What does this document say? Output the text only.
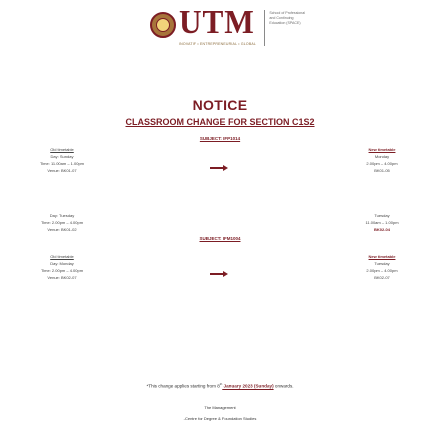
UTM
INOVATIF • ENTREPRENEURIAL • GLOBAL
School of Professional and Continuing Education (SPACE)
NOTICE
CLASSROOM CHANGE FOR SECTION C1S2
SUBJECT: IFP1014
Old timetable
Day: Sunday
Time: 11.00am – 1.00pm
Venue: BK01-07
New timetable
Monday
2.00pm – 4.00pm
BK01-05
Day: Tuesday
Time: 2.00pm – 4.00pm
Venue: BK01-02
Tuesday
11.00am – 1.00pm
BK02-04
SUBJECT: IFM1004
Old timetable
Day: Monday
Time: 2.00pm – 4.00pm
Venue: BK02-07
New timetable
Tuesday
2.00pm – 4.00pm
BK02-07
*This change applies starting from 8th January 2023 (Sunday) onwards.
The Management
-Centre for Degree & Foundation Studies
